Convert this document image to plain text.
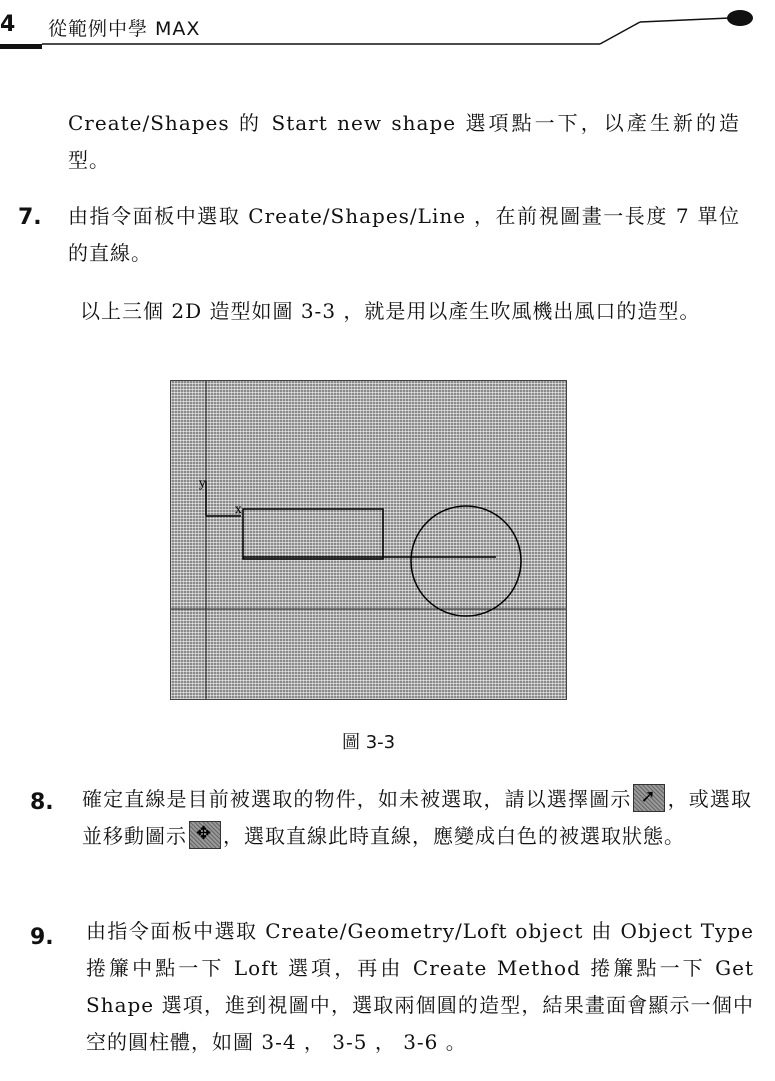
4 從範例中學 MAX

Create/Shapes 的 Start new shape 選項點一下，以產生新的造型。

7. 由指令面板中選取 Create/Shapes/Line ，在前視圖畫一長度 7 單位的直線。

以上三個 2D 造型如圖 3-3 ，就是用以產生吹風機出風口的造型。

y
x
圖 3-3
8. 確定直線是目前被選取的物件，如未被選取，請以選擇圖示 ➚ ，或選取並移動圖示 ✥ ，選取直線此時直線，應變成白色的被選取狀態。

9. 由指令面板中選取 Create/Geometry/Loft object 由 Object Type 捲簾中點一下 Loft 選項，再由 Create Method 捲簾點一下 Get Shape 選項，進到視圖中，選取兩個圓的造型，結果畫面會顯示一個中空的圓柱體，如圖 3-4 ， 3-5 ， 3-6 。
